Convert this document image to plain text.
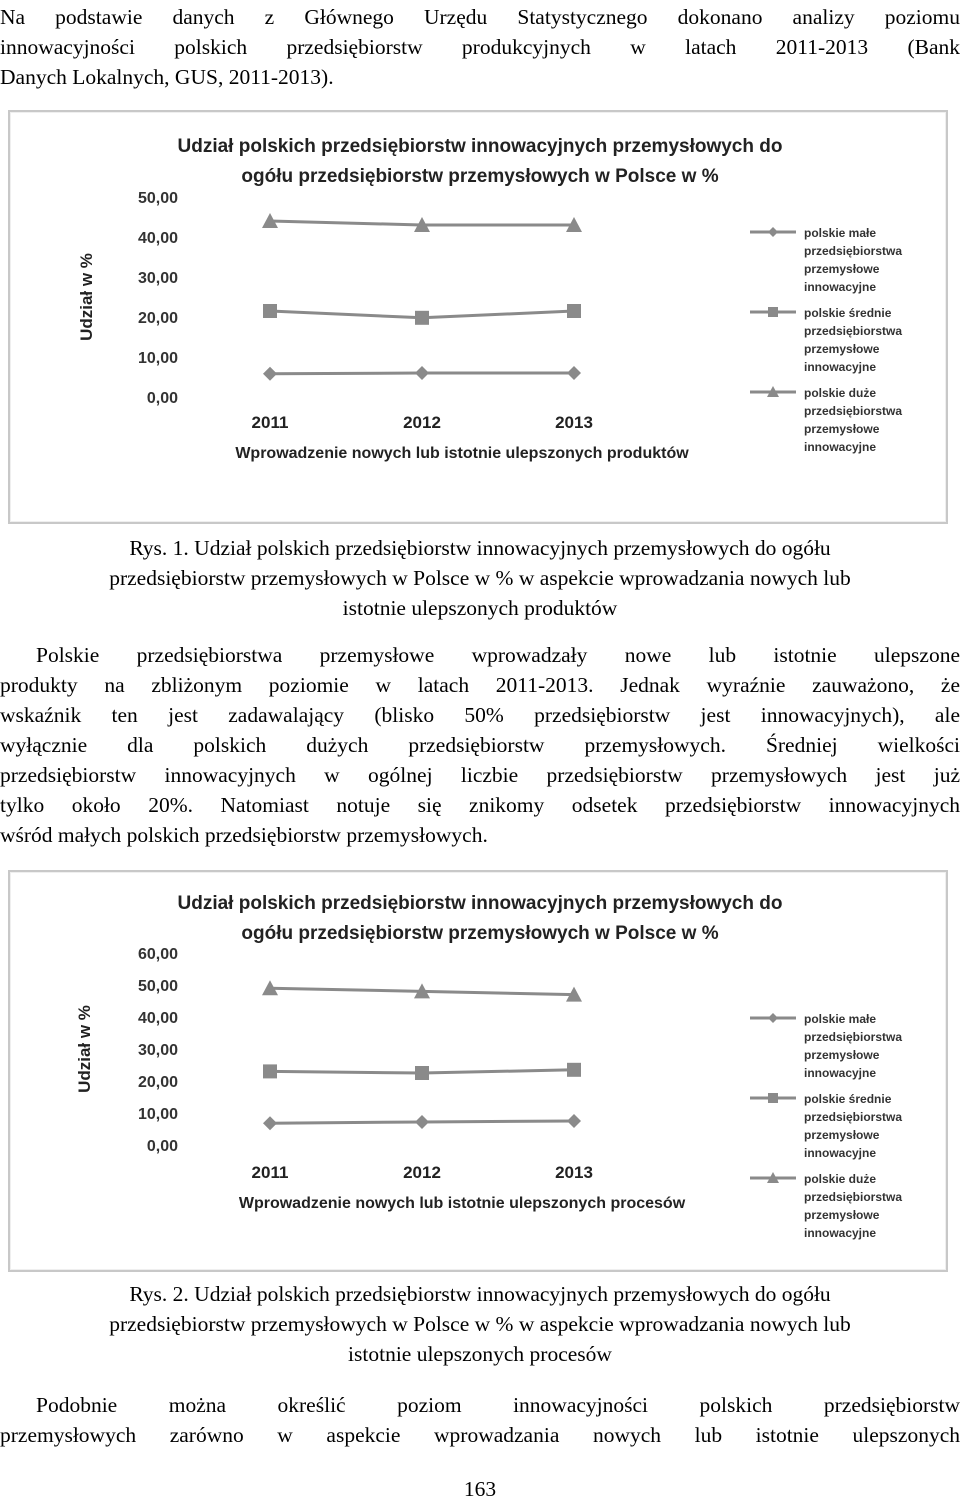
Na podstawie danych z Głównego Urzędu Statystycznego dokonano analizy poziomu
innowacyjności polskich przedsiębiorstw produkcyjnych w latach 2011-2013 (Bank
Danych Lokalnych, GUS, 2011-2013).
Udział polskich przedsiębiorstw innowacyjnych przemysłowych do
ogółu przedsiębiorstw przemysłowych w Polsce w %
Udział w %
0,00
10,00
20,00
30,00
40,00
50,00
2011	2012	2013
Wprowadzenie nowych lub istotnie ulepszonych produktów
polskie małe
przedsiębiorstwa
przemysłowe
innowacyjne
polskie średnie
przedsiębiorstwa
przemysłowe
innowacyjne
polskie duże
przedsiębiorstwa
przemysłowe
innowacyjne
Rys. 1. Udział polskich przedsiębiorstw innowacyjnych przemysłowych do ogółu
przedsiębiorstw przemysłowych w Polsce w % w aspekcie wprowadzania nowych lub
istotnie ulepszonych produktów
Polskie przedsiębiorstwa przemysłowe wprowadzały nowe lub istotnie ulepszone
produkty na zbliżonym poziomie w latach 2011-2013. Jednak wyraźnie zauważono, że
wskaźnik ten jest zadawalający (blisko 50% przedsiębiorstw jest innowacyjnych), ale
wyłącznie dla polskich dużych przedsiębiorstw przemysłowych. Średniej wielkości
przedsiębiorstw innowacyjnych w ogólnej liczbie przedsiębiorstw przemysłowych jest już
tylko około 20%. Natomiast notuje się znikomy odsetek przedsiębiorstw innowacyjnych
wśród małych polskich przedsiębiorstw przemysłowych.
Udział polskich przedsiębiorstw innowacyjnych przemysłowych do
ogółu przedsiębiorstw przemysłowych w Polsce w %
Udział w %
0,00
10,00
20,00
30,00
40,00
50,00
60,00
2011	2012	2013
Wprowadzenie nowych lub istotnie ulepszonych procesów
polskie małe
przedsiębiorstwa
przemysłowe
innowacyjne
polskie średnie
przedsiębiorstwa
przemysłowe
innowacyjne
polskie duże
przedsiębiorstwa
przemysłowe
innowacyjne
Rys. 2. Udział polskich przedsiębiorstw innowacyjnych przemysłowych do ogółu
przedsiębiorstw przemysłowych w Polsce w % w aspekcie wprowadzania nowych lub
istotnie ulepszonych procesów
Podobnie można określić poziom innowacyjności polskich przedsiębiorstw
przemysłowych zarówno w aspekcie wprowadzania nowych lub istotnie ulepszonych
163
